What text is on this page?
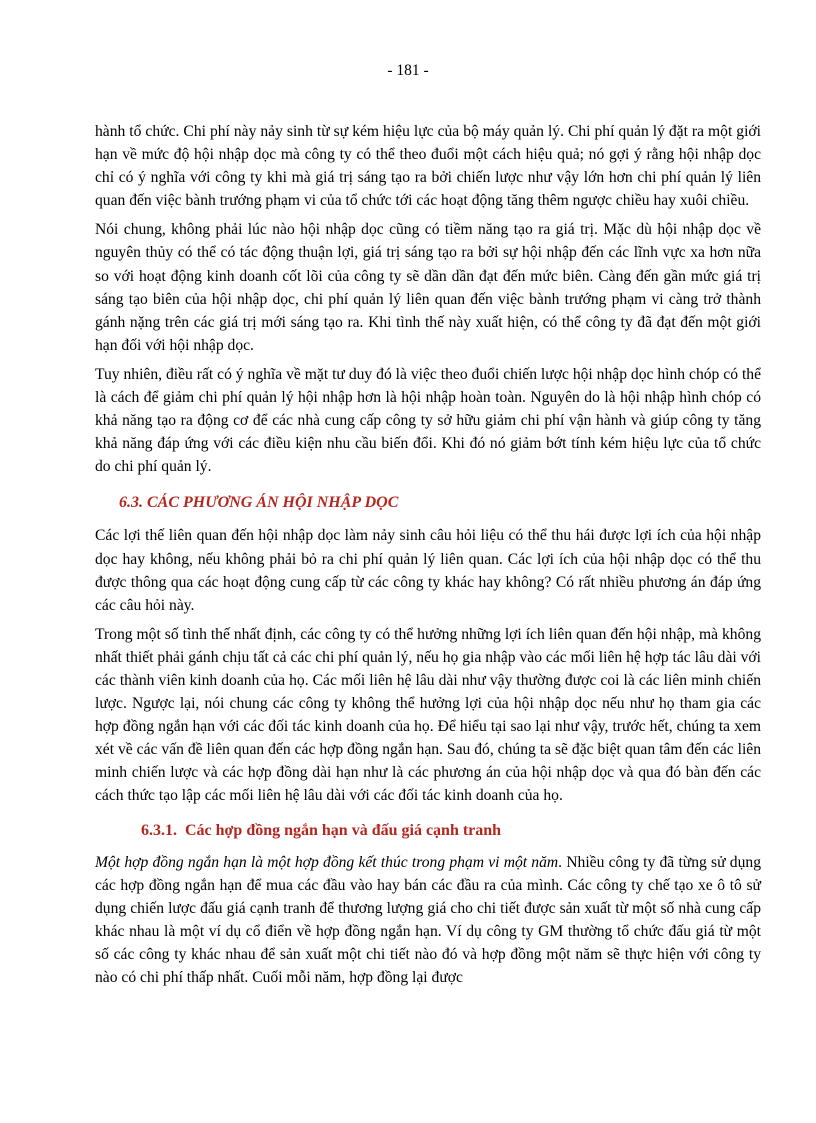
- 181 -

hành tổ chức. Chi phí này nảy sinh từ sự kém hiệu lực của bộ máy quản lý. Chi phí quản lý đặt ra một giới hạn về mức độ hội nhập dọc mà công ty có thể theo đuổi một cách hiệu quả; nó gợi ý rằng hội nhập dọc chỉ có ý nghĩa với công ty khi mà giá trị sáng tạo ra bởi chiến lược như vậy lớn hơn chi phí quản lý liên quan đến việc bành trướng phạm vi của tổ chức tới các hoạt động tăng thêm ngược chiều hay xuôi chiều.

Nói chung, không phải lúc nào hội nhập dọc cũng có tiềm năng tạo ra giá trị. Mặc dù hội nhập dọc về nguyên thủy có thể có tác động thuận lợi, giá trị sáng tạo ra bởi sự hội nhập đến các lĩnh vực xa hơn nữa so với hoạt động kinh doanh cốt lõi của công ty sẽ dần dần đạt đến mức biên. Càng đến gần mức giá trị sáng tạo biên của hội nhập dọc, chi phí quản lý liên quan đến việc bành trướng phạm vi càng trở thành gánh nặng trên các giá trị mới sáng tạo ra. Khi tình thế này xuất hiện, có thể công ty đã đạt đến một giới hạn đối với hội nhập dọc.

Tuy nhiên, điều rất có ý nghĩa về mặt tư duy đó là việc theo đuổi chiến lược hội nhập dọc hình chóp có thể là cách để giảm chi phí quản lý hội nhập hơn là hội nhập hoàn toàn. Nguyên do là hội nhập hình chóp có khả năng tạo ra động cơ để các nhà cung cấp công ty sở hữu giảm chi phí vận hành và giúp công ty tăng khả năng đáp ứng với các điều kiện nhu cầu biến đổi. Khi đó nó giảm bớt tính kém hiệu lực của tổ chức do chi phí quản lý.

6.3. CÁC PHƯƠNG ÁN HỘI NHẬP DỌC

Các lợi thế liên quan đến hội nhập dọc làm nảy sinh câu hỏi liệu có thể thu hái được lợi ích của hội nhập dọc hay không, nếu không phải bỏ ra chi phí quản lý liên quan. Các lợi ích của hội nhập dọc có thể thu được thông qua các hoạt động cung cấp từ các công ty khác hay không? Có rất nhiều phương án đáp ứng các câu hỏi này.

Trong một số tình thế nhất định, các công ty có thể hưởng những lợi ích liên quan đến hội nhập, mà không nhất thiết phải gánh chịu tất cả các chi phí quản lý, nếu họ gia nhập vào các mối liên hệ hợp tác lâu dài với các thành viên kinh doanh của họ. Các mối liên hệ lâu dài như vậy thường được coi là các liên minh chiến lược. Ngược lại, nói chung các công ty không thể hưởng lợi của hội nhập dọc nếu như họ tham gia các hợp đồng ngắn hạn với các đối tác kinh doanh của họ. Để hiểu tại sao lại như vậy, trước hết, chúng ta xem xét về các vấn đề liên quan đến các hợp đồng ngắn hạn. Sau đó, chúng ta sẽ đặc biệt quan tâm đến các liên minh chiến lược và các hợp đồng dài hạn như là các phương án của hội nhập dọc và qua đó bàn đến các cách thức tạo lập các mối liên hệ lâu dài với các đối tác kinh doanh của họ.

6.3.1. Các hợp đồng ngắn hạn và đấu giá cạnh tranh

Một hợp đồng ngắn hạn là một hợp đồng kết thúc trong phạm vi một năm. Nhiều công ty đã từng sử dụng các hợp đồng ngắn hạn để mua các đầu vào hay bán các đầu ra của mình. Các công ty chế tạo xe ô tô sử dụng chiến lược đấu giá cạnh tranh để thương lượng giá cho chi tiết được sản xuất từ một số nhà cung cấp khác nhau là một ví dụ cổ điển về hợp đồng ngắn hạn. Ví dụ công ty GM thường tổ chức đấu giá từ một số các công ty khác nhau để sản xuất một chi tiết nào đó và hợp đồng một năm sẽ thực hiện với công ty nào có chi phí thấp nhất. Cuối mỗi năm, hợp đồng lại được
